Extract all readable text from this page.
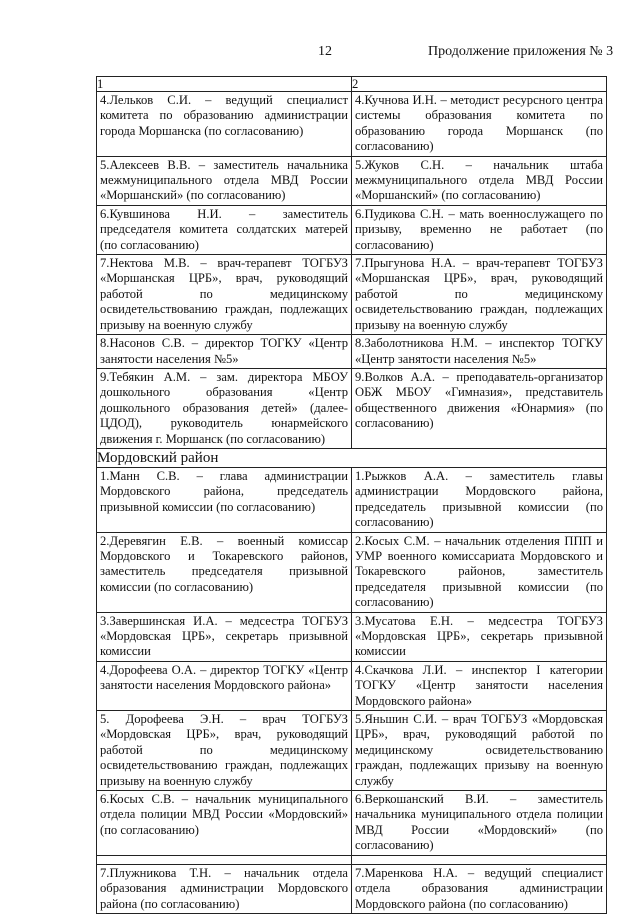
12	Продолжение приложения № 3
1	2
4.Лельков С.И. – ведущий специалист комитета по образованию администрации города Моршанска (по согласованию)	4.Кучнова И.Н. – методист ресурсного центра системы образования комитета по образованию города Моршанск (по согласованию)
5.Алексеев В.В. – заместитель начальника межмуниципального отдела МВД России «Моршанский» (по согласованию)	5.Жуков С.Н. – начальник штаба межмуниципального отдела МВД России «Моршанский» (по согласованию)
6.Кувшинова Н.И. – заместитель председателя комитета солдатских матерей (по согласованию)	6.Пудикова С.Н. – мать военнослужащего по призыву, временно не работает (по согласованию)
7.Нектова М.В. – врач-терапевт ТОГБУЗ «Моршанская ЦРБ», врач, руководящий работой по медицинскому освидетельствованию граждан, подлежащих призыву на военную службу	7.Прыгунова Н.А. – врач-терапевт ТОГБУЗ «Моршанская ЦРБ», врач, руководящий работой по медицинскому освидетельствованию граждан, подлежащих призыву на военную службу
8.Насонов С.В. – директор ТОГКУ «Центр занятости населения №5»	8.Заболотникова Н.М. – инспектор ТОГКУ «Центр занятости населения №5»
9.Тебякин А.М. – зам. директора МБОУ дошкольного образования «Центр дошкольного образования детей» (далее-ЦДОД), руководитель юнармейского движения г. Моршанск (по согласованию)	9.Волков А.А. – преподаватель-организатор ОБЖ МБОУ «Гимназия», представитель общественного движения «Юнармия» (по согласованию)
Мордовский район	
1.Манн С.В. – глава администрации Мордовского района, председатель призывной комиссии (по согласованию)	1.Рыжков А.А. – заместитель главы администрации Мордовского района, председатель призывной комиссии (по согласованию)
2.Деревягин Е.В. – военный комиссар Мордовского и Токаревского районов, заместитель председателя призывной комиссии (по согласованию)	2.Косых С.М. – начальник отделения ППП и УМР военного комиссариата Мордовского и Токаревского районов, заместитель председателя призывной комиссии (по согласованию)
3.Завершинская И.А. – медсестра ТОГБУЗ «Мордовская ЦРБ», секретарь призывной комиссии	3.Мусатова Е.Н. – медсестра ТОГБУЗ «Мордовская ЦРБ», секретарь призывной комиссии
4.Дорофеева О.А. – директор ТОГКУ «Центр занятости населения Мордовского района»	4.Скачкова Л.И. – инспектор I категории ТОГКУ «Центр занятости населения Мордовского района»
5. Дорофеева Э.Н. – врач ТОГБУЗ «Мордовская ЦРБ», врач, руководящий работой по медицинскому освидетельствованию граждан, подлежащих призыву на военную службу	5.Яньшин С.И. – врач ТОГБУЗ «Мордовская ЦРБ», врач, руководящий работой по медицинскому освидетельствованию граждан, подлежащих призыву на военную службу
6.Косых С.В. – начальник муниципального отдела полиции МВД России «Мордовский» (по согласованию)	6.Веркошанский В.И. – заместитель начальника муниципального отдела полиции МВД России «Мордовский» (по согласованию)

7.Плужникова Т.Н. – начальник отдела образования администрации Мордовского района (по согласованию)	7.Маренкова Н.А. – ведущий специалист отдела образования администрации Мордовского района (по согласованию)
